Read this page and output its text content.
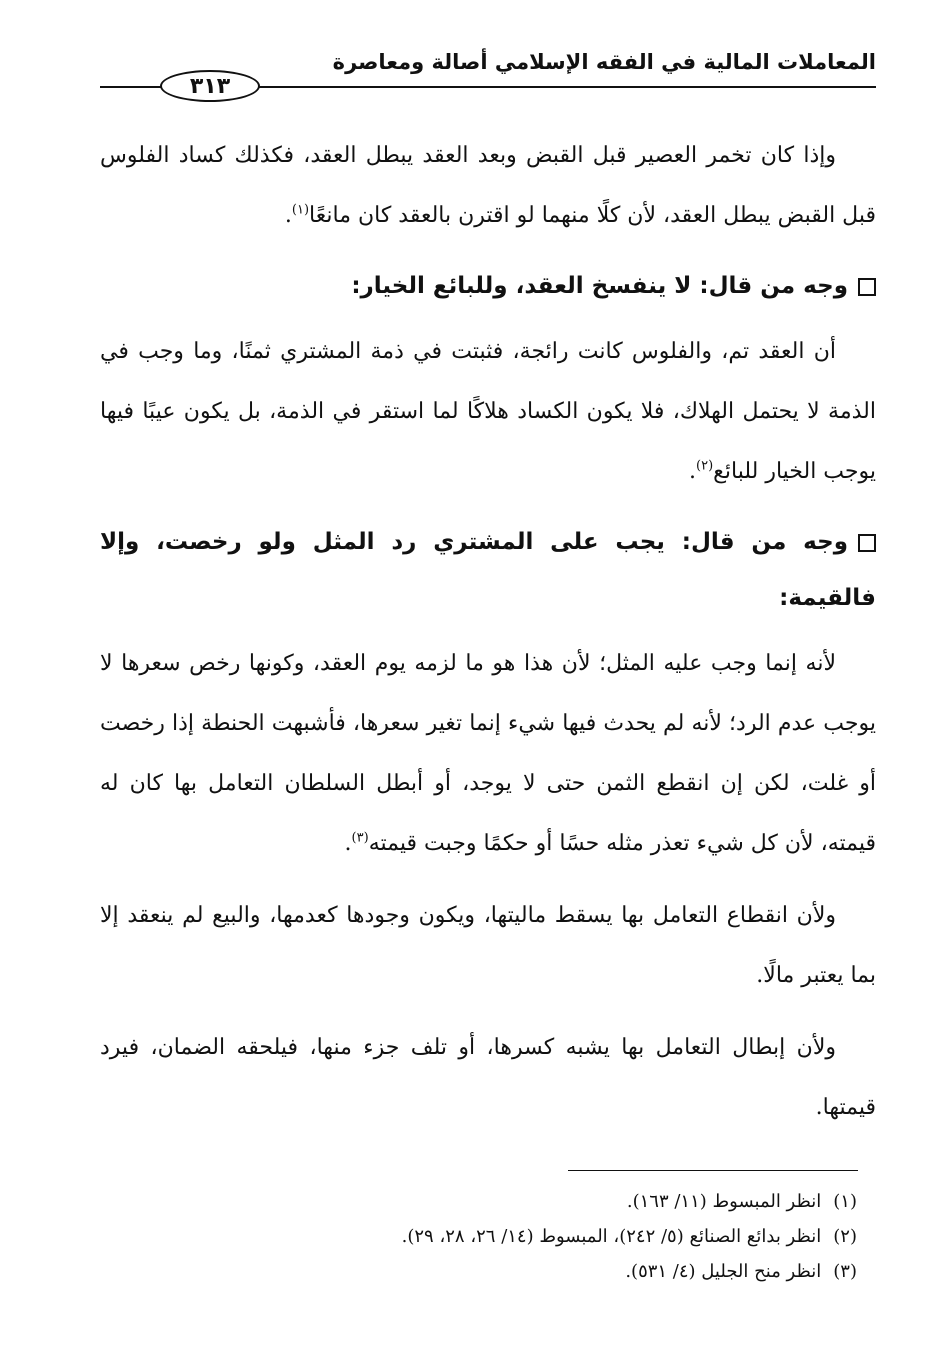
المعاملات المالية في الفقه الإسلامي أصالة ومعاصرة
٣١٣

وإذا كان تخمر العصير قبل القبض وبعد العقد يبطل العقد، فكذلك كساد الفلوس قبل القبض يبطل العقد، لأن كلًا منهما لو اقترن بالعقد كان مانعًا$^{(١)}$.

وجه من قال: لا ينفسخ العقد، وللبائع الخيار:

أن العقد تم، والفلوس كانت رائجة، فثبتت في ذمة المشتري ثمنًا، وما وجب في الذمة لا يحتمل الهلاك، فلا يكون الكساد هلاكًا لما استقر في الذمة، بل يكون عيبًا فيها يوجب الخيار للبائع$^{(٢)}$.

وجه من قال: يجب على المشتري رد المثل ولو رخصت، وإلا فالقيمة:

لأنه إنما وجب عليه المثل؛ لأن هذا هو ما لزمه يوم العقد، وكونها رخص سعرها لا يوجب عدم الرد؛ لأنه لم يحدث فيها شيء إنما تغير سعرها، فأشبهت الحنطة إذا رخصت أو غلت، لكن إن انقطع الثمن حتى لا يوجد، أو أبطل السلطان التعامل بها كان له قيمته، لأن كل شيء تعذر مثله حسًا أو حكمًا وجبت قيمته$^{(٣)}$.

ولأن انقطاع التعامل بها يسقط ماليتها، ويكون وجودها كعدمها، والبيع لم ينعقد إلا بما يعتبر مالًا.

ولأن إبطال التعامل بها يشبه كسرها، أو تلف جزء منها، فيلحقه الضمان، فيرد قيمتها.

(١)انظر المبسوط (١١/ ١٦٣).
(٢)انظر بدائع الصنائع (٥/ ٢٤٢)، المبسوط (١٤/ ٢٦، ٢٨، ٢٩).
(٣)انظر منح الجليل (٤/ ٥٣١).
